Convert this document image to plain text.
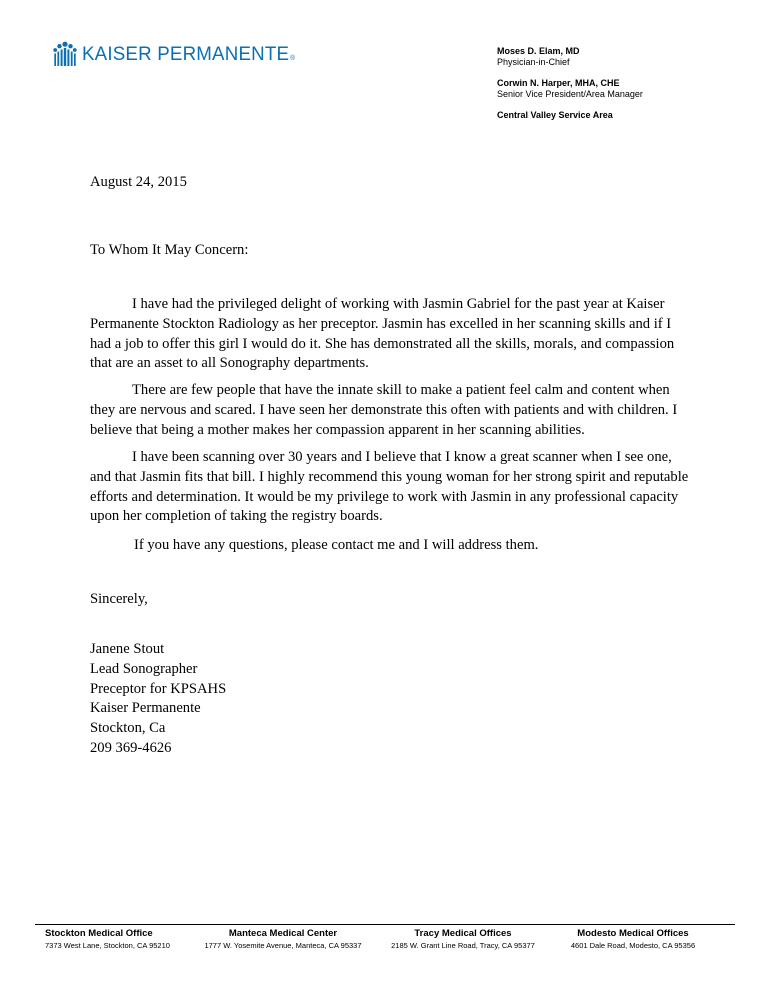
KAISER PERMANENTE®
Moses D. Elam, MD
Physician-in-Chief
Corwin N. Harper, MHA, CHE
Senior Vice President/Area Manager
Central Valley Service Area
August 24, 2015
To Whom It May Concern:
I have had the privileged delight of working with Jasmin Gabriel for the past year at Kaiser Permanente Stockton Radiology as her preceptor. Jasmin has excelled in her scanning skills and if I had a job to offer this girl I would do it. She has demonstrated all the skills, morals, and compassion that are an asset to all Sonography departments.
There are few people that have the innate skill to make a patient feel calm and content when they are nervous and scared. I have seen her demonstrate this often with patients and with children. I believe that being a mother makes her compassion apparent in her scanning abilities.
I have been scanning over 30 years and I believe that I know a great scanner when I see one, and that Jasmin fits that bill. I highly recommend this young woman for her strong spirit and reputable efforts and determination. It would be my privilege to work with Jasmin in any professional capacity upon her completion of taking the registry boards.
If you have any questions, please contact me and I will address them.
Sincerely,
Janene Stout
Lead Sonographer
Preceptor for KPSAHS
Kaiser Permanente
Stockton, Ca
209 369-4626
Stockton Medical Office
7373 West Lane, Stockton, CA 95210
Manteca Medical Center
1777 W. Yosemite Avenue, Manteca, CA 95337
Tracy Medical Offices
2185 W. Grant Line Road, Tracy, CA 95377
Modesto Medical Offices
4601 Dale Road, Modesto, CA 95356
